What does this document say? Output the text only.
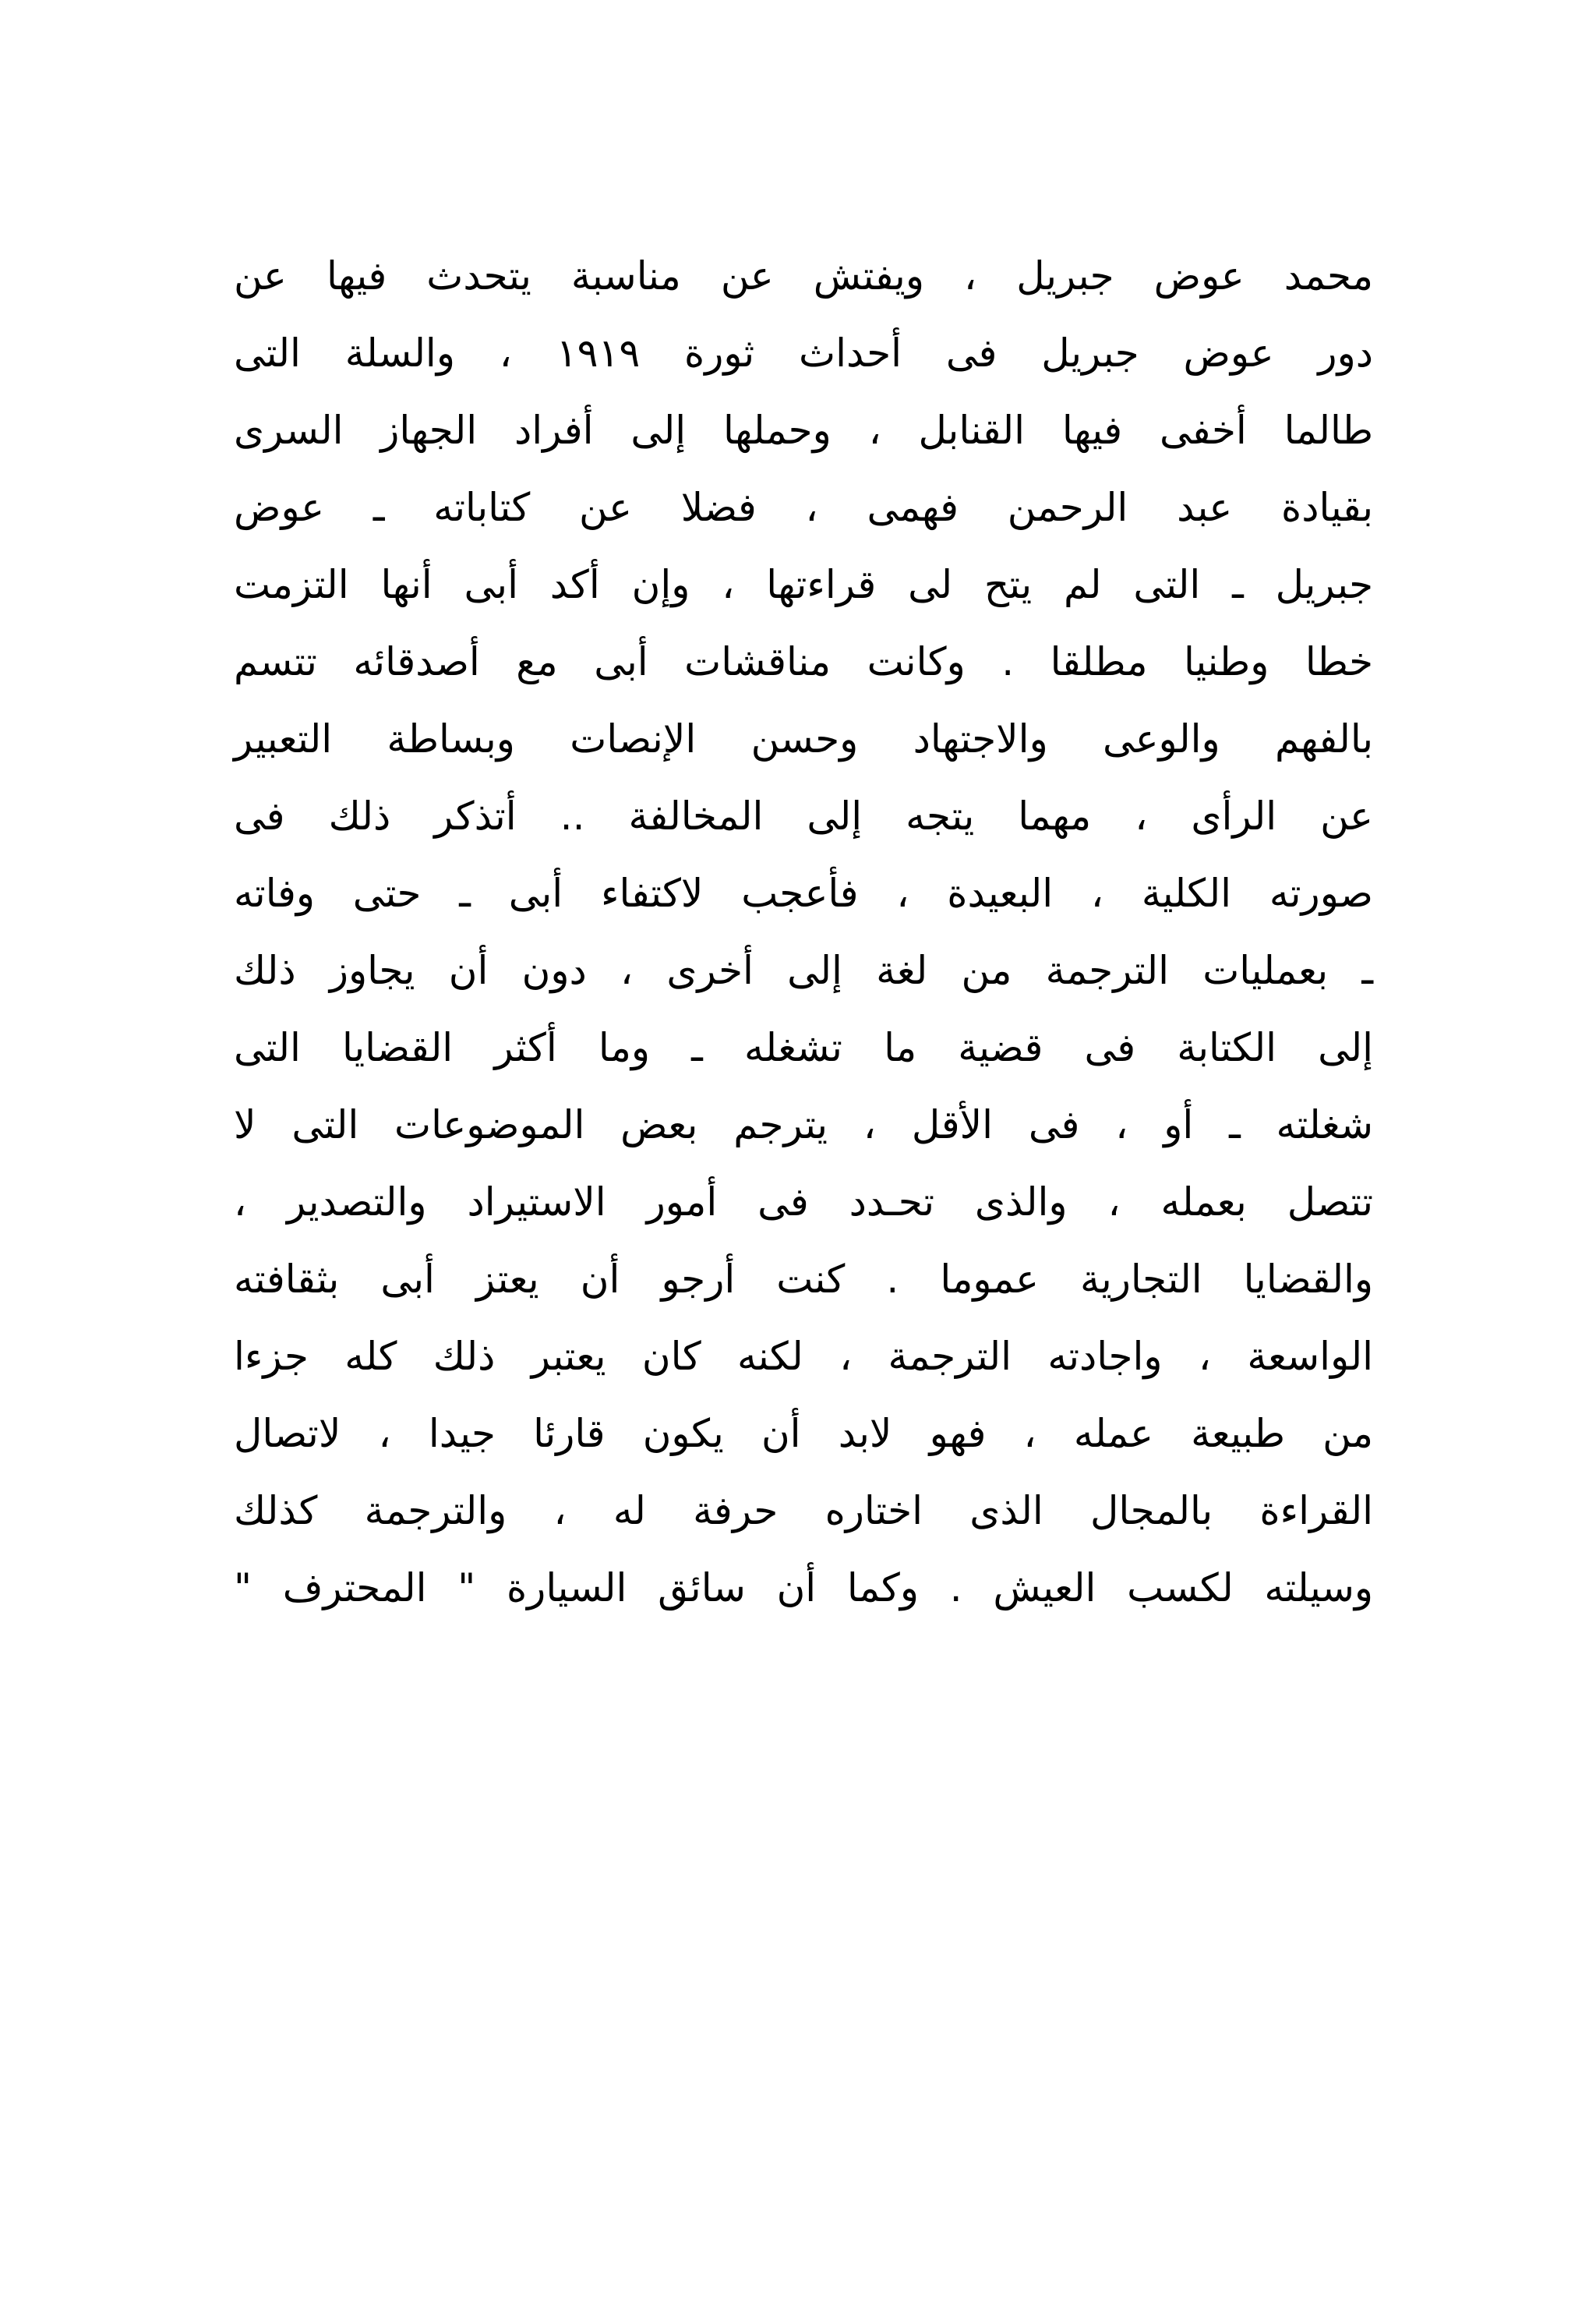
محمد عوض جبريل ، ويفتش عن مناسبة يتحدث فيها عن
دور عوض جبريل فى أحداث ثورة ١٩١٩ ، والسلة التى
طالما أخفى فيها القنابل ، وحملها إلى أفراد الجهاز السرى
بقيادة عبد الرحمن فهمى ، فضلا عن كتاباته ـ عوض
جبريل ـ التى لم يتح لى قراءتها ، وإن أكد أبى أنها التزمت
خطا وطنيا مطلقا . وكانت مناقشات أبى مع أصدقائه تتسم
بالفهم والوعى والاجتهاد وحسن الإنصات وبساطة التعبير
عن الرأى ، مهما يتجه إلى المخالفة .. أتذكر ذلك فى
صورته الكلية ، البعيدة ، فأعجب لاكتفاء أبى ـ حتى وفاته
ـ بعمليات الترجمة من لغة إلى أخرى ، دون أن يجاوز ذلك
إلى الكتابة فى قضية ما تشغله ـ وما أكثر القضايا التى
شغلته ـ أو ، فى الأقل ، يترجم بعض الموضوعات التى لا
تتصل بعمله ، والذى تحـدد فى أمور الاستيراد والتصدير ،
والقضايا التجارية عموما . كنت أرجو أن يعتز أبى بثقافته
الواسعة ، واجادته الترجمة ، لكنه كان يعتبر ذلك كله جزءا
من طبيعة عمله ، فهو لابد أن يكون قارئا جيدا ، لاتصال
القراءة بالمجال الذى اختاره حرفة له ، والترجمة كذلك
وسيلته لكسب العيش . وكما أن سائق السيارة " المحترف "
